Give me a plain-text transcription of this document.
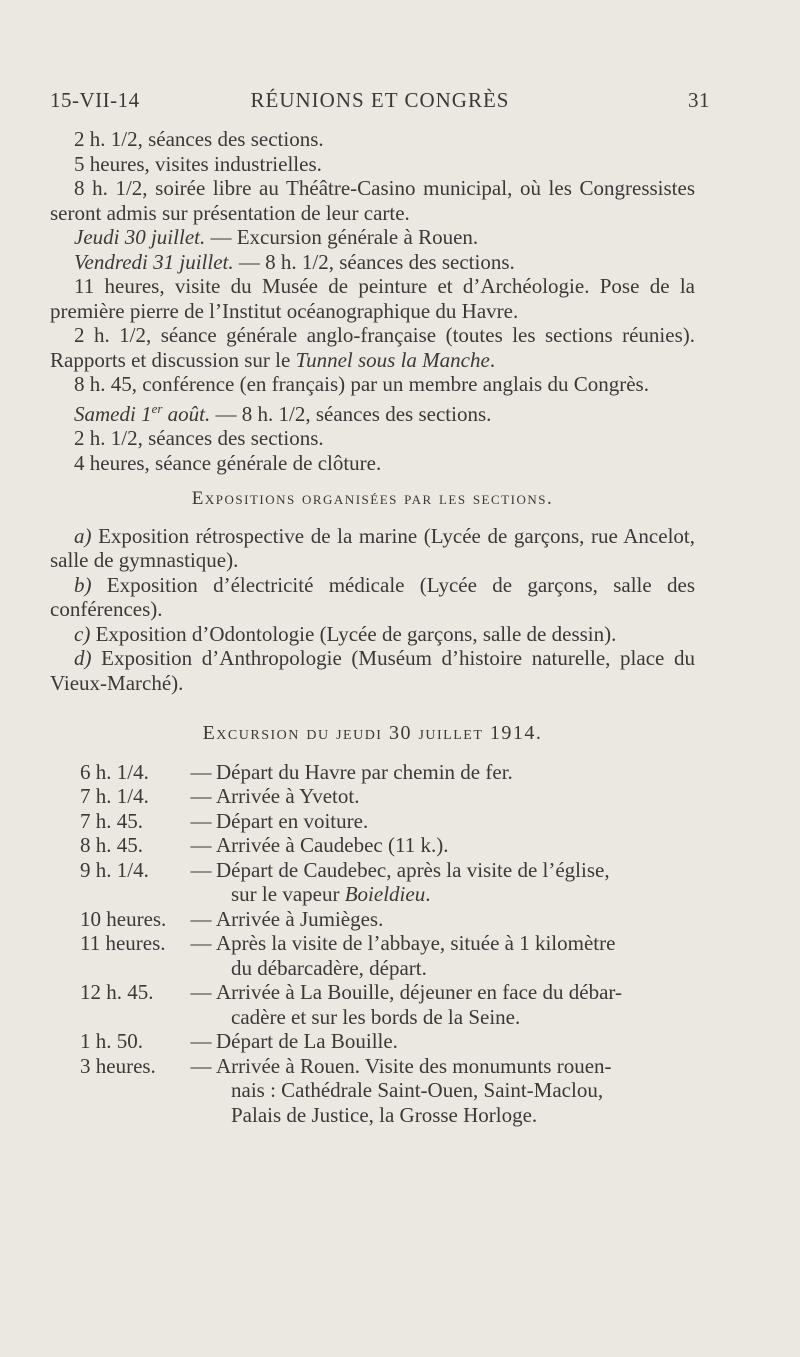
15-VII-14	RÉUNIONS ET CONGRÈS	31

2 h. 1/2, séances des sections.

5 heures, visites industrielles.

8 h. 1/2, soirée libre au Théâtre-Casino municipal, où les Congressistes seront admis sur présentation de leur carte.

Jeudi 30 juillet. — Excursion générale à Rouen.

Vendredi 31 juillet. — 8 h. 1/2, séances des sections.

11 heures, visite du Musée de peinture et d’Archéologie. Pose de la première pierre de l’Institut océanographique du Havre.

2 h. 1/2, séance générale anglo-française (toutes les sections réunies). Rapports et discussion sur le Tunnel sous la Manche.

8 h. 45, conférence (en français) par un membre anglais du Congrès.

Samedi 1er août. — 8 h. 1/2, séances des sections.

2 h. 1/2, séances des sections.

4 heures, séance générale de clôture.

Expositions organisées par les sections.

a) Exposition rétrospective de la marine (Lycée de garçons, rue Ancelot, salle de gymnastique).

b) Exposition d’électricité médicale (Lycée de garçons, salle des conférences).

c) Exposition d’Odontologie (Lycée de garçons, salle de dessin).

d) Exposition d’Anthropologie (Muséum d’histoire naturelle, place du Vieux-Marché).

Excursion du jeudi 30 juillet 1914.

6 h. 1/4.	— Départ du Havre par chemin de fer.
7 h. 1/4.	— Arrivée à Yvetot.
7 h. 45.	— Départ en voiture.
8 h. 45.	— Arrivée à Caudebec (11 k.).
9 h. 1/4.	— Départ de Caudebec, après la visite de l’église,
sur le vapeur Boieldieu.
10 heures.	— Arrivée à Jumièges.
11 heures.	— Après la visite de l’abbaye, située à 1 kilomètre
du débarcadère, départ.
12 h. 45.	— Arrivée à La Bouille, déjeuner en face du débar-
cadère et sur les bords de la Seine.
1 h. 50.	— Départ de La Bouille.
3 heures.	— Arrivée à Rouen. Visite des monumunts rouen-
nais : Cathédrale Saint-Ouen, Saint-Maclou,
Palais de Justice, la Grosse Horloge.
